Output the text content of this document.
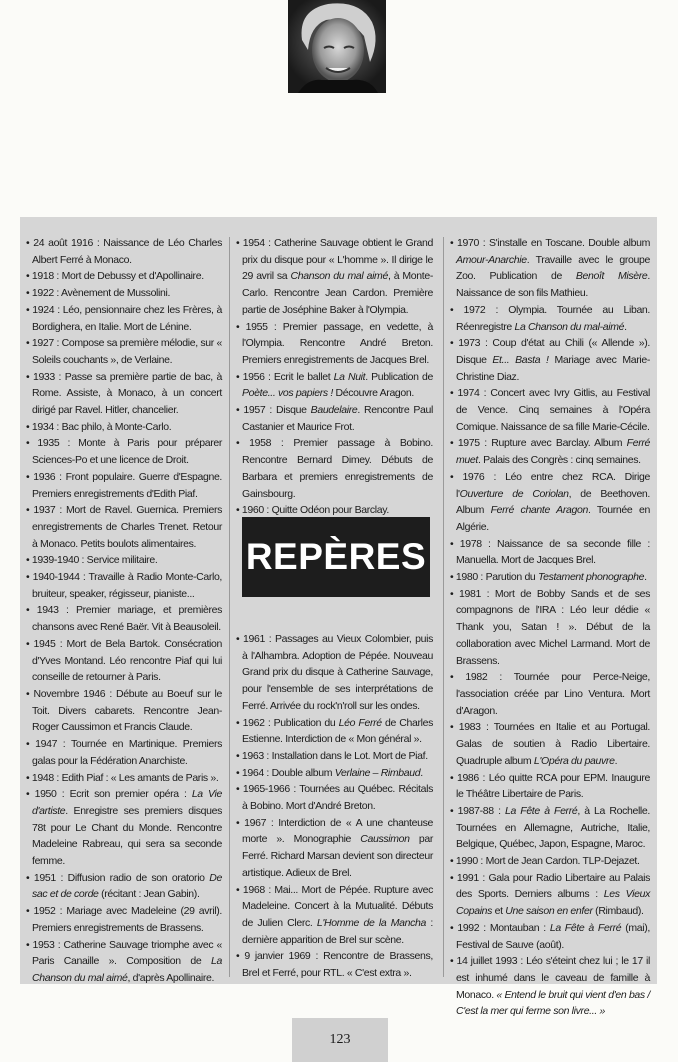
• 24 août 1916 : Naissance de Léo Charles Albert Ferré à Monaco.
• 1918 : Mort de Debussy et d'Apollinaire.
• 1922 : Avènement de Mussolini.
• 1924 : Léo, pensionnaire chez les Frères, à Bordighera, en Italie. Mort de Lénine.
• 1927 : Compose sa première mélodie, sur « Soleils couchants », de Verlaine.
• 1933 : Passe sa première partie de bac, à Rome. Assiste, à Monaco, à un concert dirigé par Ravel. Hitler, chancelier.
• 1934 : Bac philo, à Monte-Carlo.
• 1935 : Monte à Paris pour préparer Sciences-Po et une licence de Droit.
• 1936 : Front populaire. Guerre d'Espagne. Premiers enregistrements d'Edith Piaf.
• 1937 : Mort de Ravel. Guernica. Premiers enregistrements de Charles Trenet. Retour à Monaco. Petits boulots alimentaires.
• 1939-1940 : Service militaire.
• 1940-1944 : Travaille à Radio Monte-Carlo, bruiteur, speaker, régisseur, pianiste...
• 1943 : Premier mariage, et premières chansons avec René Baër. Vit à Beausoleil.
• 1945 : Mort de Bela Bartok. Consécration d'Yves Montand. Léo rencontre Piaf qui lui conseille de retourner à Paris.
• Novembre 1946 : Débute au Boeuf sur le Toit. Divers cabarets. Rencontre Jean-Roger Caussimon et Francis Claude.
• 1947 : Tournée en Martinique. Premiers galas pour la Fédération Anarchiste.
• 1948 : Edith Piaf : « Les amants de Paris ».
• 1950 : Ecrit son premier opéra : La Vie d'artiste. Enregistre ses premiers disques 78t pour Le Chant du Monde. Rencontre Madeleine Rabreau, qui sera sa seconde femme.
• 1951 : Diffusion radio de son oratorio De sac et de corde (récitant : Jean Gabin).
• 1952 : Mariage avec Madeleine (29 avril). Premiers enregistrements de Brassens.
• 1953 : Catherine Sauvage triomphe avec « Paris Canaille ». Composition de La Chanson du mal aimé, d'après Apollinaire.
• 1954 : Catherine Sauvage obtient le Grand prix du disque pour « L'homme ». Il dirige le 29 avril sa Chanson du mal aimé, à Monte-Carlo. Rencontre Jean Cardon. Première partie de Joséphine Baker à l'Olympia.
• 1955 : Premier passage, en vedette, à l'Olympia. Rencontre André Breton. Premiers enregistrements de Jacques Brel.
• 1956 : Ecrit le ballet La Nuit. Publication de Poète... vos papiers ! Découvre Aragon.
• 1957 : Disque Baudelaire. Rencontre Paul Castanier et Maurice Frot.
• 1958 : Premier passage à Bobino. Rencontre Bernard Dimey. Débuts de Barbara et premiers enregistrements de Gainsbourg.
• 1960 : Quitte Odéon pour Barclay.
• 1961 : Passages au Vieux Colombier, puis à l'Alhambra. Adoption de Pépée. Nouveau Grand prix du disque à Catherine Sauvage, pour l'ensemble de ses interprétations de Ferré. Arrivée du rock'n'roll sur les ondes.
• 1962 : Publication du Léo Ferré de Charles Estienne. Interdiction de « Mon général ».
• 1963 : Installation dans le Lot. Mort de Piaf.
• 1964 : Double album Verlaine – Rimbaud.
• 1965-1966 : Tournées au Québec. Récitals à Bobino. Mort d'André Breton.
• 1967 : Interdiction de « A une chanteuse morte ». Monographie Caussimon par Ferré. Richard Marsan devient son directeur artistique. Adieux de Brel.
• 1968 : Mai... Mort de Pépée. Rupture avec Madeleine. Concert à la Mutualité. Débuts de Julien Clerc. L'Homme de la Mancha : dernière apparition de Brel sur scène.
• 9 janvier 1969 : Rencontre de Brassens, Brel et Ferré, pour RTL. « C'est extra ».
• 1970 : S'installe en Toscane. Double album Amour-Anarchie. Travaille avec le groupe Zoo. Publication de Benoît Misère. Naissance de son fils Mathieu.
• 1972 : Olympia. Tournée au Liban. Réenregistre La Chanson du mal-aimé.
• 1973 : Coup d'état au Chili (« Allende »). Disque Et... Basta ! Mariage avec Marie-Christine Diaz.
• 1974 : Concert avec Ivry Gitlis, au Festival de Vence. Cinq semaines à l'Opéra Comique. Naissance de sa fille Marie-Cécile.
• 1975 : Rupture avec Barclay. Album Ferré muet. Palais des Congrès : cinq semaines.
• 1976 : Léo entre chez RCA. Dirige l'Ouverture de Coriolan, de Beethoven. Album Ferré chante Aragon. Tournée en Algérie.
• 1978 : Naissance de sa seconde fille : Manuella. Mort de Jacques Brel.
• 1980 : Parution du Testament phonographe.
• 1981 : Mort de Bobby Sands et de ses compagnons de l'IRA : Léo leur dédie « Thank you, Satan ! ». Début de la collaboration avec Michel Larmand. Mort de Brassens.
• 1982 : Tournée pour Perce-Neige, l'association créée par Lino Ventura. Mort d'Aragon.
• 1983 : Tournées en Italie et au Portugal. Galas de soutien à Radio Libertaire. Quadruple album L'Opéra du pauvre.
• 1986 : Léo quitte RCA pour EPM. Inaugure le Théâtre Libertaire de Paris.
• 1987-88 : La Fête à Ferré, à La Rochelle. Tournées en Allemagne, Autriche, Italie, Belgique, Québec, Japon, Espagne, Maroc.
• 1990 : Mort de Jean Cardon. TLP-Dejazet.
• 1991 : Gala pour Radio Libertaire au Palais des Sports. Derniers albums : Les Vieux Copains et Une saison en enfer (Rimbaud).
• 1992 : Montauban : La Fête à Ferré (mai), Festival de Sauve (août).
• 14 juillet 1993 : Léo s'éteint chez lui ; le 17 il est inhumé dans le caveau de famille à Monaco. « Entend le bruit qui vient d'en bas / C'est la mer qui ferme son livre... »
REPÈRES
123
